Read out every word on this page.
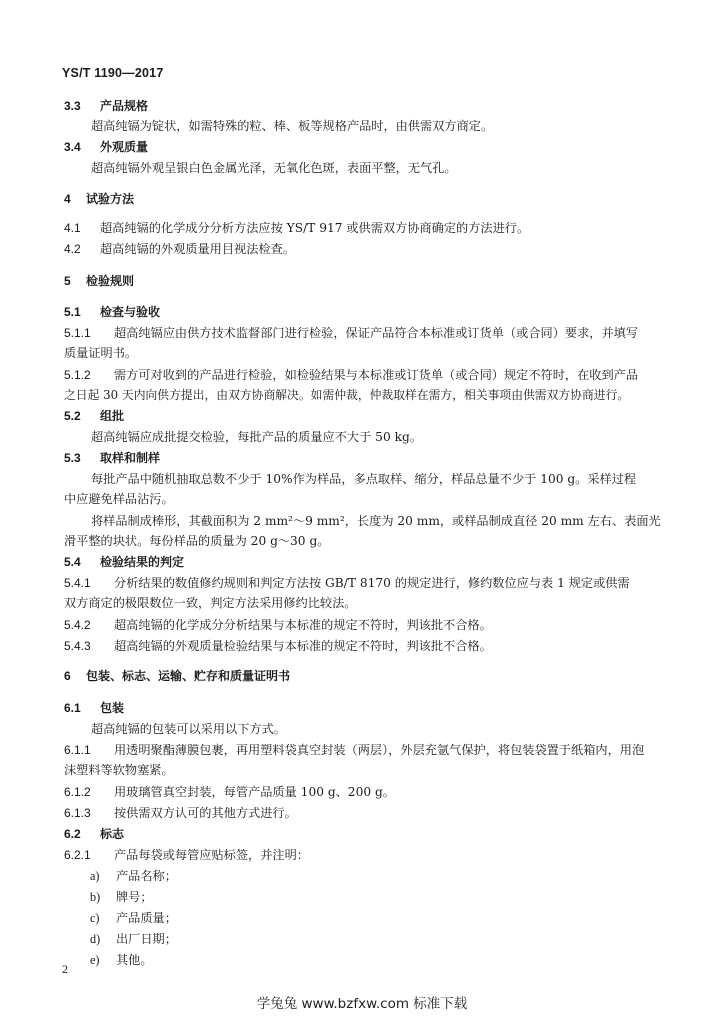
YS/T 1190—2017
3.3 产品规格
超高纯镉为锭状，如需特殊的粒、棒、板等规格产品时，由供需双方商定。
3.4 外观质量
超高纯镉外观呈银白色金属光泽，无氧化色斑，表面平整，无气孔。
4 试验方法
4.1 超高纯镉的化学成分分析方法应按 YS/T 917 或供需双方协商确定的方法进行。
4.2 超高纯镉的外观质量用目视法检查。
5 检验规则
5.1 检查与验收
5.1.1 超高纯镉应由供方技术监督部门进行检验，保证产品符合本标准或订货单（或合同）要求，并填写
质量证明书。
5.1.2 需方可对收到的产品进行检验，如检验结果与本标准或订货单（或合同）规定不符时，在收到产品
之日起 30 天内向供方提出，由双方协商解决。如需仲裁，仲裁取样在需方，相关事项由供需双方协商进行。
5.2 组批
超高纯镉应成批提交检验，每批产品的质量应不大于 50 kg。
5.3 取样和制样
每批产品中随机抽取总数不少于 10%作为样品，多点取样、缩分，样品总量不少于 100 g。采样过程
中应避免样品沾污。
将样品制成棒形，其截面积为 2 mm²～9 mm²，长度为 20 mm，或样品制成直径 20 mm 左右、表面光
滑平整的块状。每份样品的质量为 20 g～30 g。
5.4 检验结果的判定
5.4.1 分析结果的数值修约规则和判定方法按 GB/T 8170 的规定进行，修约数位应与表 1 规定或供需
双方商定的极限数位一致，判定方法采用修约比较法。
5.4.2 超高纯镉的化学成分分析结果与本标准的规定不符时，判该批不合格。
5.4.3 超高纯镉的外观质量检验结果与本标准的规定不符时，判该批不合格。
6 包装、标志、运输、贮存和质量证明书
6.1 包装
超高纯镉的包装可以采用以下方式。
6.1.1 用透明聚酯薄膜包裹，再用塑料袋真空封装（两层），外层充氩气保护，将包装袋置于纸箱内，用泡
沫塑料等软物塞紧。
6.1.2 用玻璃管真空封装，每管产品质量 100 g、200 g。
6.1.3 按供需双方认可的其他方式进行。
6.2 标志
6.2.1 产品每袋或每管应贴标签，并注明：
a) 产品名称；
b) 牌号；
c) 产品质量；
d) 出厂日期；
e) 其他。
2
学兔兔 www.bzfxw.com 标准下载
